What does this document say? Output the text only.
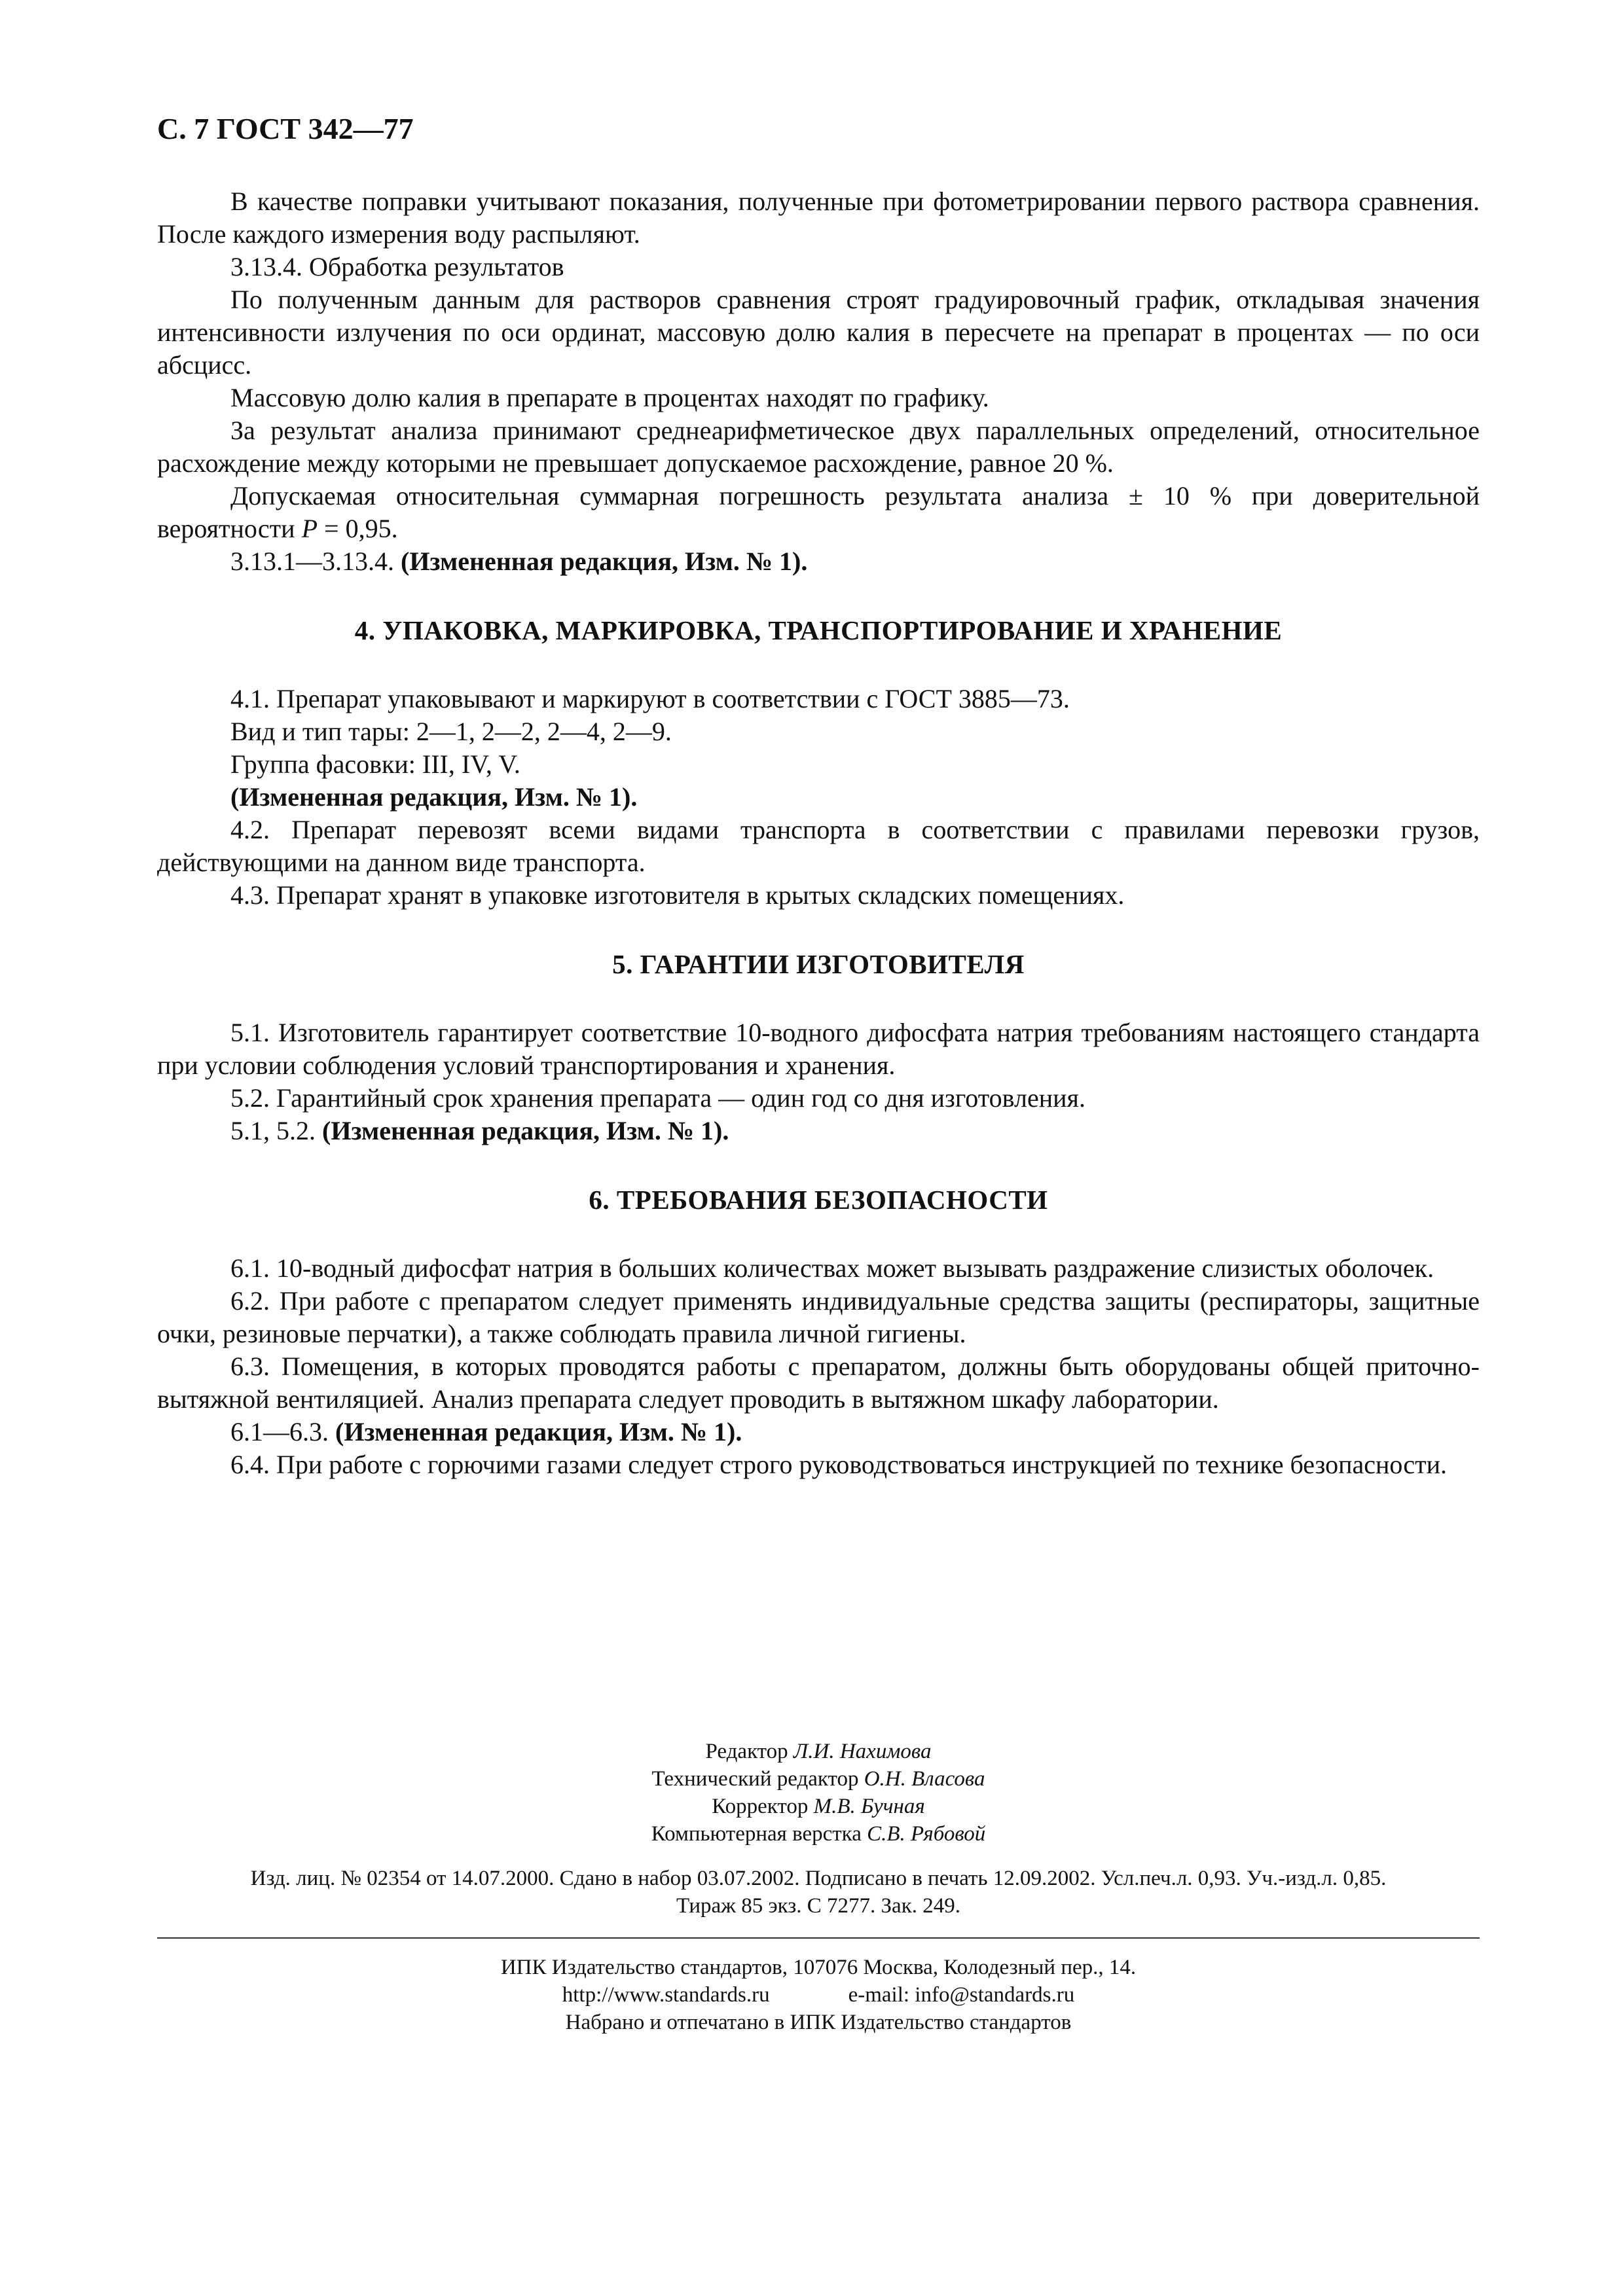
С. 7 ГОСТ 342—77

В качестве поправки учитывают показания, полученные при фотометрировании первого раствора сравнения. После каждого измерения воду распыляют.

3.13.4. Обработка результатов

По полученным данным для растворов сравнения строят градуировочный график, откладывая значения интенсивности излучения по оси ординат, массовую долю калия в пересчете на препарат в процентах — по оси абсцисс.

Массовую долю калия в препарате в процентах находят по графику.

За результат анализа принимают среднеарифметическое двух параллельных определений, относительное расхождение между которыми не превышает допускаемое расхождение, равное 20 %.

Допускаемая относительная суммарная погрешность результата анализа ± 10 % при доверительной вероятности P = 0,95.

3.13.1—3.13.4. (Измененная редакция, Изм. № 1).

4. УПАКОВКА, МАРКИРОВКА, ТРАНСПОРТИРОВАНИЕ И ХРАНЕНИЕ

4.1. Препарат упаковывают и маркируют в соответствии с ГОСТ 3885—73.

Вид и тип тары: 2—1, 2—2, 2—4, 2—9.

Группа фасовки: III, IV, V.

(Измененная редакция, Изм. № 1).

4.2. Препарат перевозят всеми видами транспорта в соответствии с правилами перевозки грузов, действующими на данном виде транспорта.

4.3. Препарат хранят в упаковке изготовителя в крытых складских помещениях.

5. ГАРАНТИИ ИЗГОТОВИТЕЛЯ

5.1. Изготовитель гарантирует соответствие 10-водного дифосфата натрия требованиям настоящего стандарта при условии соблюдения условий транспортирования и хранения.

5.2. Гарантийный срок хранения препарата — один год со дня изготовления.

5.1, 5.2. (Измененная редакция, Изм. № 1).

6. ТРЕБОВАНИЯ БЕЗОПАСНОСТИ

6.1. 10-водный дифосфат натрия в больших количествах может вызывать раздражение слизистых оболочек.

6.2. При работе с препаратом следует применять индивидуальные средства защиты (респираторы, защитные очки, резиновые перчатки), а также соблюдать правила личной гигиены.

6.3. Помещения, в которых проводятся работы с препаратом, должны быть оборудованы общей приточно-вытяжной вентиляцией. Анализ препарата следует проводить в вытяжном шкафу лаборатории.

6.1—6.3. (Измененная редакция, Изм. № 1).

6.4. При работе с горючими газами следует строго руководствоваться инструкцией по технике безопасности.

Редактор Л.И. Нахимова

Технический редактор О.Н. Власова

Корректор М.В. Бучная

Компьютерная верстка С.В. Рябовой

Изд. лиц. № 02354 от 14.07.2000. Сдано в набор 03.07.2002. Подписано в печать 12.09.2002. Усл.печ.л. 0,93. Уч.-изд.л. 0,85.

Тираж 85 экз. С 7277. Зак. 249.

ИПК Издательство стандартов, 107076 Москва, Колодезный пер., 14.

http://www.standards.ru	e-mail: info@standards.ru

Набрано и отпечатано в ИПК Издательство стандартов
